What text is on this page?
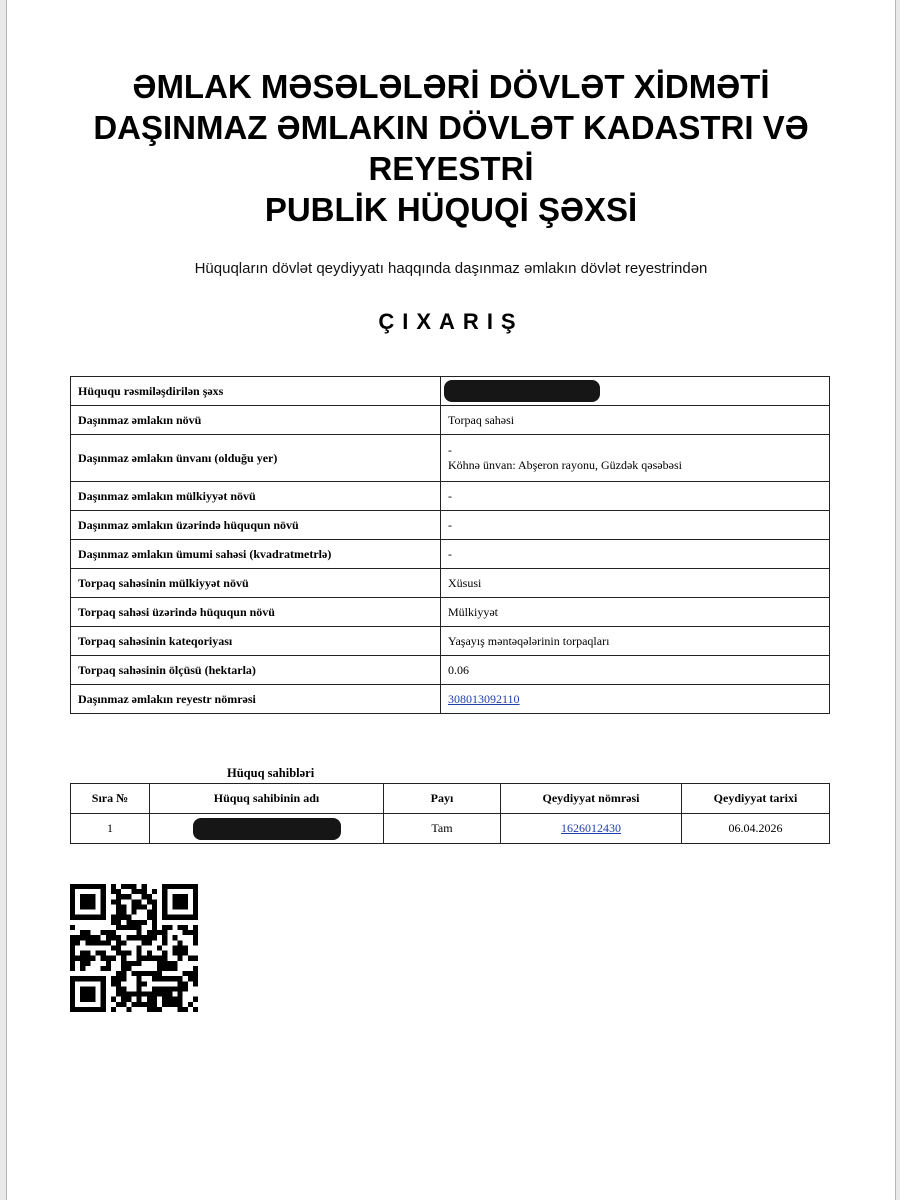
ƏMLAK MƏSƏLƏLƏRİ DÖVLƏT XİDMƏTİ
DAŞINMAZ ƏMLAKIN DÖVLƏT KADASTRI VƏ
REYESTRİ
PUBLİK HÜQUQİ ŞƏXSİ
Hüquqların dövlət qeydiyyatı haqqında daşınmaz əmlakın dövlət reyestrindən
ÇIXARIŞ
Hüququ rəsmiləşdirilən şəxs	
Daşınmaz əmlakın növü	Torpaq sahəsi
Daşınmaz əmlakın ünvanı (olduğu yer)	-
Köhnə ünvan: Abşeron rayonu, Güzdək qəsəbəsi

Daşınmaz əmlakın mülkiyyət növü	-
Daşınmaz əmlakın üzərində hüququn növü	-
Daşınmaz əmlakın ümumi sahəsi (kvadratmetrlə)	-
Torpaq sahəsinin mülkiyyət növü	Xüsusi
Torpaq sahəsi üzərində hüququn növü	Mülkiyyət
Torpaq sahəsinin kateqoriyası	Yaşayış məntəqələrinin torpaqları
Torpaq sahəsinin ölçüsü (hektarla)	0.06
Daşınmaz əmlakın reyestr nömrəsi	308013092110
Hüquq sahibləri
Sıra №	Hüquq sahibinin adı	Payı	Qeydiyyat nömrəsi	Qeydiyyat tarixi
1		Tam	1626012430	06.04.2026
